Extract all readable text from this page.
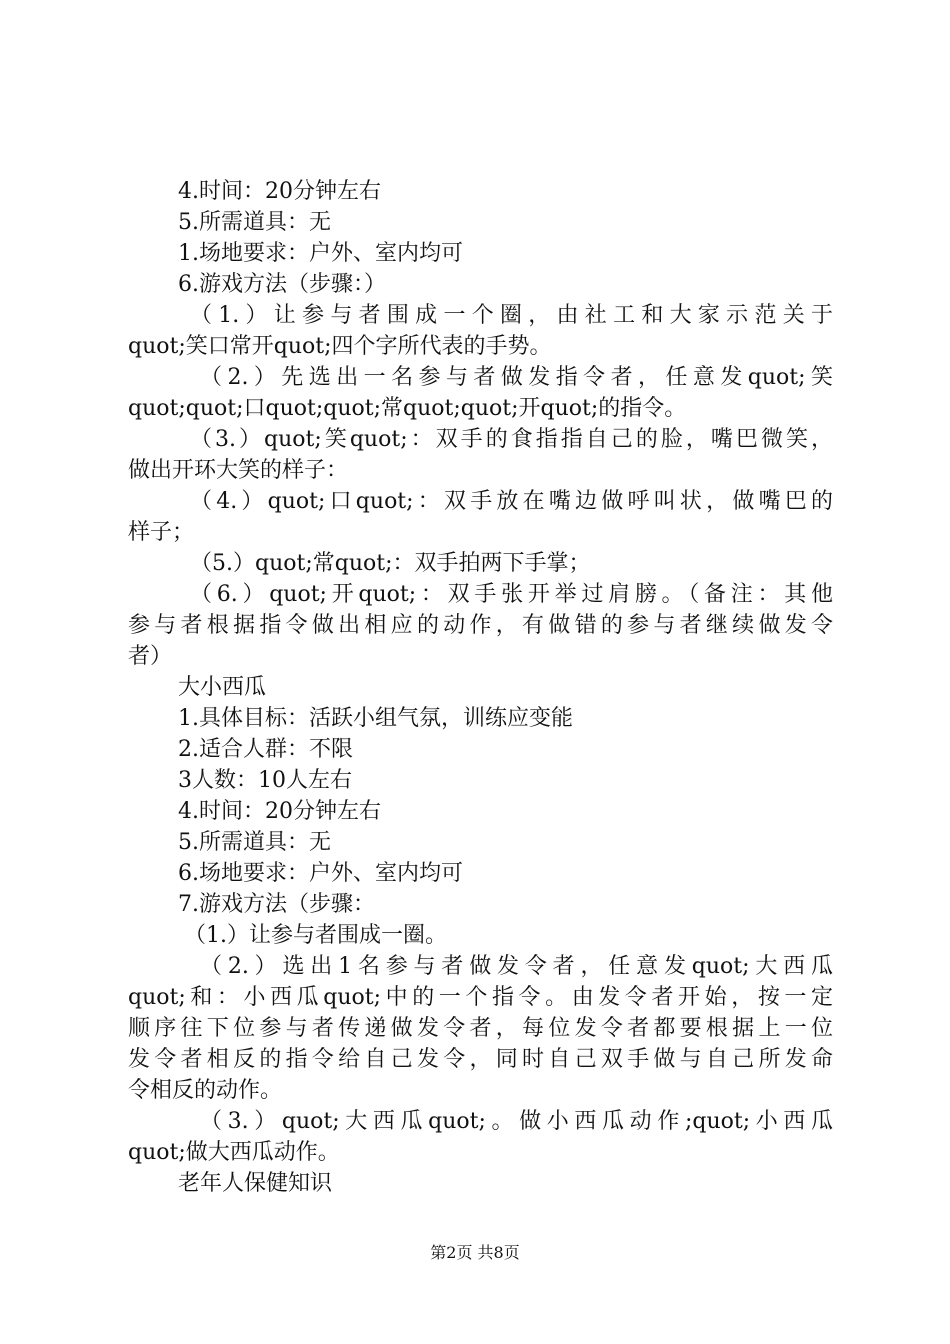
4.时间：20分钟左右

5.所需道具：无

1.场地要求：户外、室内均可

6.游戏方法（步骤：）

（1.）让参与者围成一个圈，由社工和大家示范关于

quot;笑口常开quot;四个字所代表的手势。

（2.）先选出一名参与者做发指令者，任意发quot;笑

quot;quot;口quot;quot;常quot;quot;开quot;的指令。

（3.）quot;笑quot;：双手的食指指自己的脸，嘴巴微笑，

做出开环大笑的样子：

（4.）quot;口quot;：双手放在嘴边做呼叫状，做嘴巴的

样子；

（5.）quot;常quot;：双手拍两下手掌；

（6.）quot;开quot;：双手张开举过肩膀。（备注：其他

参与者根据指令做出相应的动作，有做错的参与者继续做发令

者）

大小西瓜

1.具体目标：活跃小组气氛，训练应变能

2.适合人群：不限

3人数：10人左右

4.时间：20分钟左右

5.所需道具：无

6.场地要求：户外、室内均可

7.游戏方法（步骤：

（1.）让参与者围成一圈。

（2.）选出1名参与者做发令者，任意发quot;大西瓜

quot;和：小西瓜quot;中的一个指令。由发令者开始，按一定

顺序往下位参与者传递做发令者，每位发令者都要根据上一位

发令者相反的指令给自己发令，同时自己双手做与自己所发命

令相反的动作。

（3.）quot;大西瓜quot;。做小西瓜动作;quot;小西瓜

quot;做大西瓜动作。

老年人保健知识

第2页 共8页
